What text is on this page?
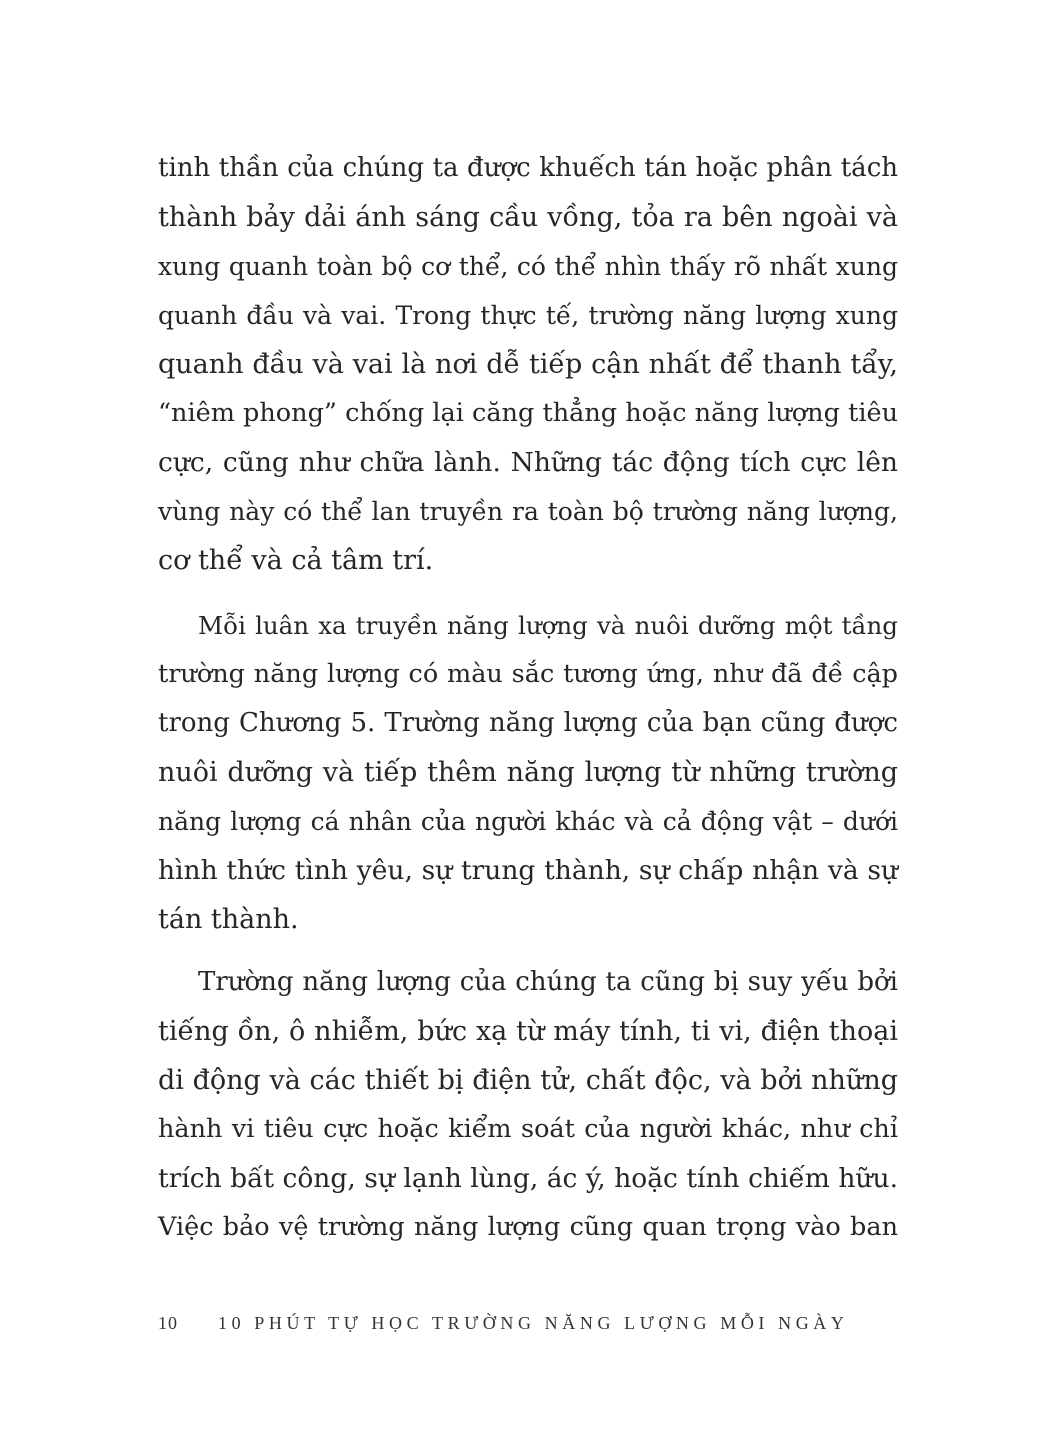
tinh thần của chúng ta được khuếch tán hoặc phân tách
thành bảy dải ánh sáng cầu vồng, tỏa ra bên ngoài và
xung quanh toàn bộ cơ thể, có thể nhìn thấy rõ nhất xung
quanh đầu và vai. Trong thực tế, trường năng lượng xung
quanh đầu và vai là nơi dễ tiếp cận nhất để thanh tẩy,
“niêm phong” chống lại căng thẳng hoặc năng lượng tiêu
cực, cũng như chữa lành. Những tác động tích cực lên
vùng này có thể lan truyền ra toàn bộ trường năng lượng,
cơ thể và cả tâm trí.
Mỗi luân xa truyền năng lượng và nuôi dưỡng một tầng
trường năng lượng có màu sắc tương ứng, như đã đề cập
trong Chương 5. Trường năng lượng của bạn cũng được
nuôi dưỡng và tiếp thêm năng lượng từ những trường
năng lượng cá nhân của người khác và cả động vật – dưới
hình thức tình yêu, sự trung thành, sự chấp nhận và sự
tán thành.
Trường năng lượng của chúng ta cũng bị suy yếu bởi
tiếng ồn, ô nhiễm, bức xạ từ máy tính, ti vi, điện thoại
di động và các thiết bị điện tử, chất độc, và bởi những
hành vi tiêu cực hoặc kiểm soát của người khác, như chỉ
trích bất công, sự lạnh lùng, ác ý, hoặc tính chiếm hữu.
Việc bảo vệ trường năng lượng cũng quan trọng vào ban
10 10 PHÚT TỰ HỌC TRƯỜNG NĂNG LƯỢNG MỖI NGÀY
